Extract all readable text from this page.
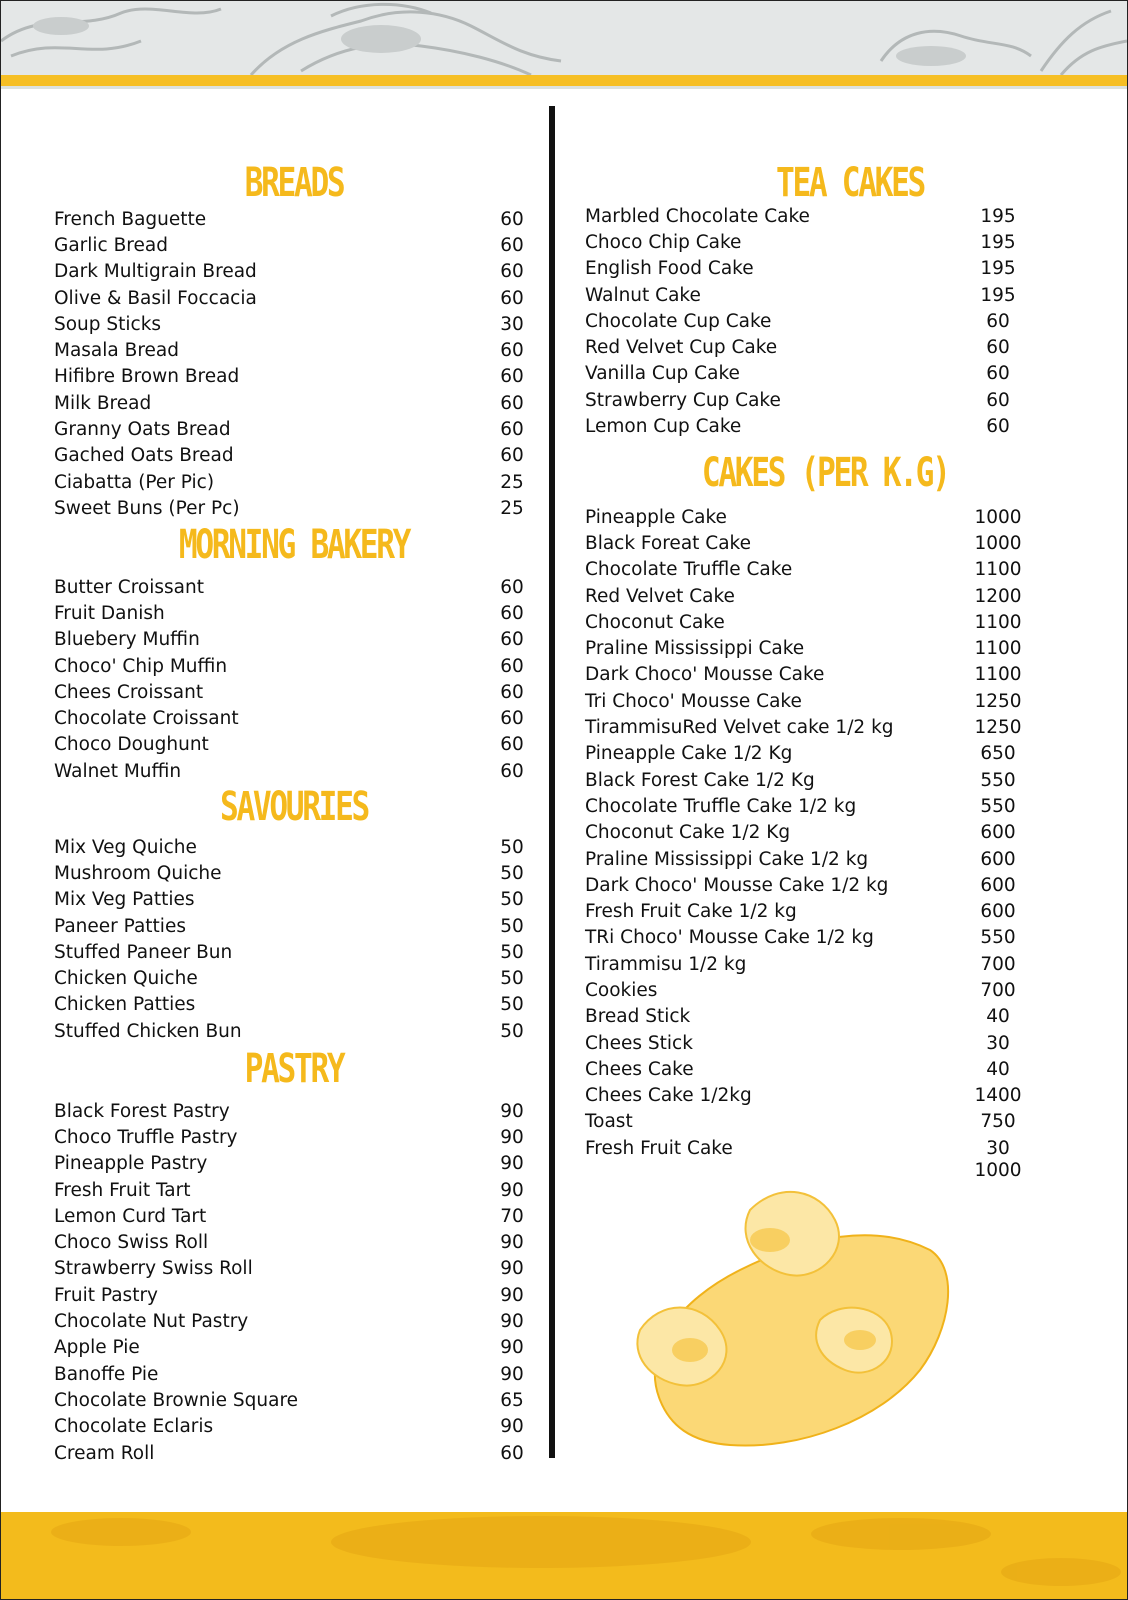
BREADS
French Baguette	60
Garlic Bread	60
Dark Multigrain Bread	60
Olive & Basil Foccacia	60
Soup Sticks	30
Masala Bread	60
Hifibre Brown Bread	60
Milk Bread	60
Granny Oats Bread	60
Gached Oats Bread	60
Ciabatta (Per Pic)	25
Sweet Buns (Per Pc)	25
MORNING BAKERY
Butter Croissant	60
Fruit Danish	60
Bluebery Muffin	60
Choco' Chip Muffin	60
Chees Croissant	60
Chocolate Croissant	60
Choco Doughunt	60
Walnet Muffin	60
SAVOURIES
Mix Veg Quiche	50
Mushroom Quiche	50
Mix Veg Patties	50
Paneer Patties	50
Stuffed Paneer Bun	50
Chicken Quiche	50
Chicken Patties	50
Stuffed Chicken Bun	50
PASTRY
Black Forest Pastry	90
Choco Truffle Pastry	90
Pineapple Pastry	90
Fresh Fruit Tart	90
Lemon Curd Tart	70
Choco Swiss Roll	90
Strawberry Swiss Roll	90
Fruit Pastry	90
Chocolate Nut Pastry	90
Apple Pie	90
Banoffe Pie	90
Chocolate Brownie Square	65
Chocolate Eclaris	90
Cream Roll	60
TEA CAKES
Marbled Chocolate Cake	195
Choco Chip Cake	195
English Food Cake	195
Walnut Cake	195
Chocolate Cup Cake	60
Red Velvet Cup Cake	60
Vanilla Cup Cake	60
Strawberry Cup Cake	60
Lemon Cup Cake	60
CAKES (PER K.G)
Pineapple Cake	1000
Black Foreat Cake	1000
Chocolate Truffle Cake	1100
Red Velvet Cake	1200
Choconut Cake	1100
Praline Mississippi Cake	1100
Dark Choco' Mousse Cake	1100
Tri Choco' Mousse Cake	1250
TirammisuRed Velvet cake 1/2 kg	1250
Pineapple Cake 1/2 Kg	650
Black Forest Cake 1/2 Kg	550
Chocolate Truffle Cake 1/2 kg	550
Choconut Cake 1/2 Kg	600
Praline Mississippi Cake 1/2 kg	600
Dark Choco' Mousse Cake 1/2 kg	600
Fresh Fruit Cake 1/2 kg	600
TRi Choco' Mousse Cake 1/2 kg	550
Tirammisu 1/2 kg	700
Cookies	700
Bread Stick	40
Chees Stick	30
Chees Cake	40
Chees Cake 1/2kg	1400
Toast	750
Fresh Fruit Cake	30
1000
